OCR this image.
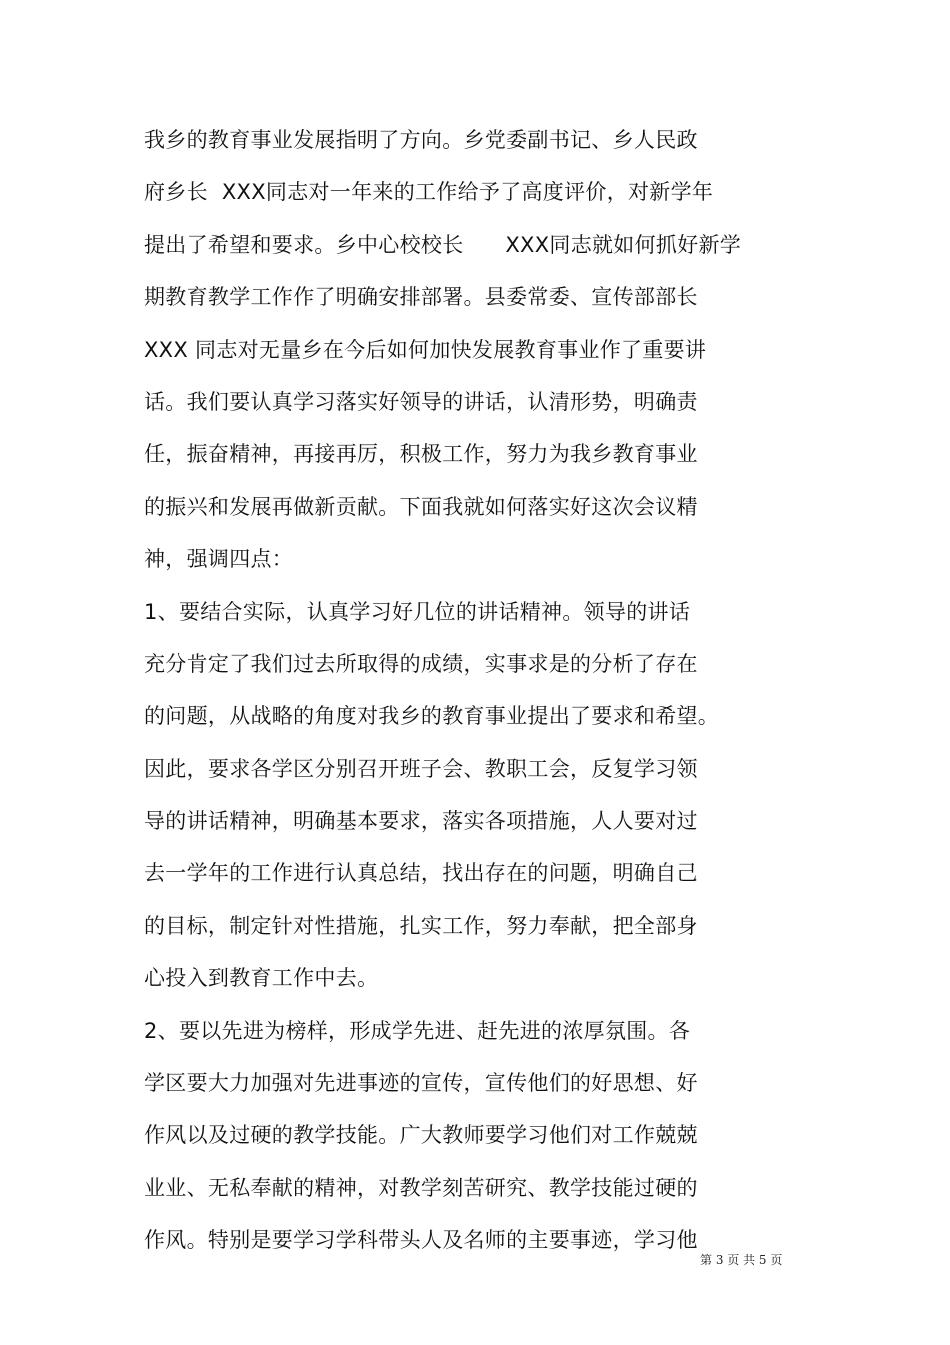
我乡的教育事业发展指明了方向。乡党委副书记、乡人民政
府乡长  XXX同志对一年来的工作给予了高度评价，对新学年
提出了希望和要求。乡中心校校长      XXX同志就如何抓好新学
期教育教学工作作了明确安排部署。县委常委、宣传部部长
XXX 同志对无量乡在今后如何加快发展教育事业作了重要讲
话。我们要认真学习落实好领导的讲话，认清形势，明确责
任，振奋精神，再接再厉，积极工作，努力为我乡教育事业
的振兴和发展再做新贡献。下面我就如何落实好这次会议精
神，强调四点：
1、要结合实际，认真学习好几位的讲话精神。领导的讲话
充分肯定了我们过去所取得的成绩，实事求是的分析了存在
的问题，从战略的角度对我乡的教育事业提出了要求和希望。
因此，要求各学区分别召开班子会、教职工会，反复学习领
导的讲话精神，明确基本要求，落实各项措施，人人要对过
去一学年的工作进行认真总结，找出存在的问题，明确自己
的目标，制定针对性措施，扎实工作，努力奉献，把全部身
心投入到教育工作中去。
2、要以先进为榜样，形成学先进、赶先进的浓厚氛围。各
学区要大力加强对先进事迹的宣传，宣传他们的好思想、好
作风以及过硬的教学技能。广大教师要学习他们对工作兢兢
业业、无私奉献的精神，对教学刻苦研究、教学技能过硬的
作风。特别是要学习学科带头人及名师的主要事迹，学习他
第 3 页 共 5 页
